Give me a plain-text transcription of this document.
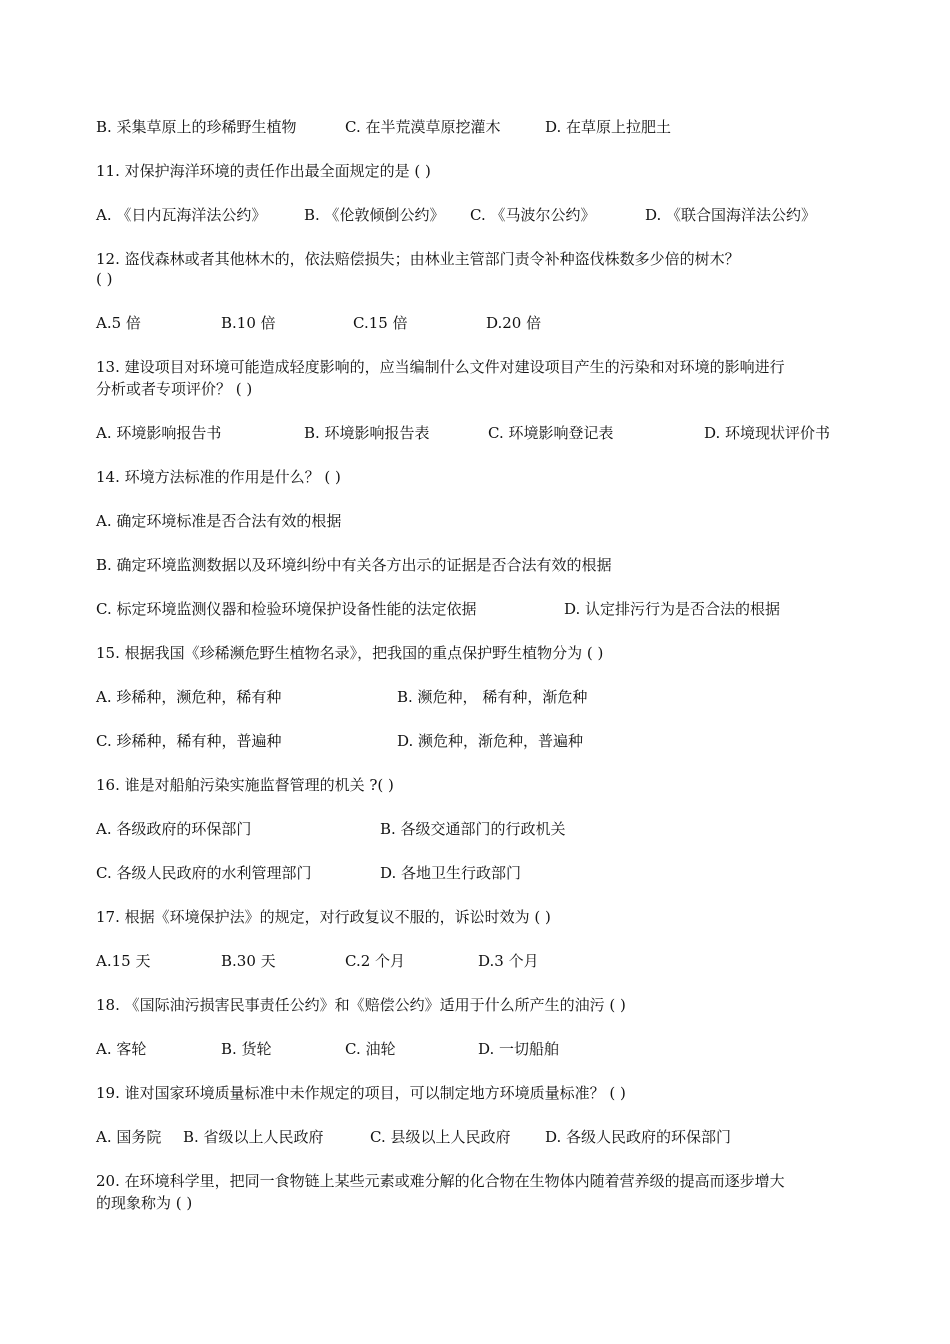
B. 采集草原上的珍稀野生植物	C. 在半荒漠草原挖灌木	D. 在草原上拉肥土
11. 对保护海洋环境的责任作出最全面规定的是 ( )
A. 《日内瓦海洋法公约》	B. 《伦敦倾倒公约》 C. 《马波尔公约》	D. 《联合国海洋法公约》
12. 盗伐森林或者其他林木的，依法赔偿损失；由林业主管部门责令补种盗伐株数多少倍的树木？
( )
A.5 倍	B.10 倍	C.15 倍	D.20 倍
13. 建设项目对环境可能造成轻度影响的，应当编制什么文件对建设项目产生的污染和对环境的影响进行
分析或者专项评价？ ( )
A. 环境影响报告书	B. 环境影响报告表	C. 环境影响登记表	D. 环境现状评价书
14. 环境方法标准的作用是什么？ ( )
A. 确定环境标准是否合法有效的根据
B. 确定环境监测数据以及环境纠纷中有关各方出示的证据是否合法有效的根据
C. 标定环境监测仪器和检验环境保护设备性能的法定依据	D. 认定排污行为是否合法的根据
15. 根据我国《珍稀濒危野生植物名录》，把我国的重点保护野生植物分为 ( )
A. 珍稀种，濒危种，稀有种	B. 濒危种， 稀有种，渐危种
C. 珍稀种，稀有种，普遍种	D. 濒危种，渐危种，普遍种
16. 谁是对船舶污染实施监督管理的机关 ?( )
A. 各级政府的环保部门	B. 各级交通部门的行政机关
C. 各级人民政府的水利管理部门	D. 各地卫生行政部门
17. 根据《环境保护法》的规定，对行政复议不服的，诉讼时效为 ( )
A.15 天	B.30 天	C.2 个月	D.3 个月
18. 《国际油污损害民事责任公约》和《赔偿公约》适用于什么所产生的油污 ( )
A. 客轮	B. 货轮	C. 油轮	D. 一切船舶
19. 谁对国家环境质量标准中未作规定的项目，可以制定地方环境质量标准？ ( )
A. 国务院 B. 省级以上人民政府	C. 县级以上人民政府 D. 各级人民政府的环保部门
20. 在环境科学里，把同一食物链上某些元素或难分解的化合物在生物体内随着营养级的提高而逐步增大
的现象称为 ( )
